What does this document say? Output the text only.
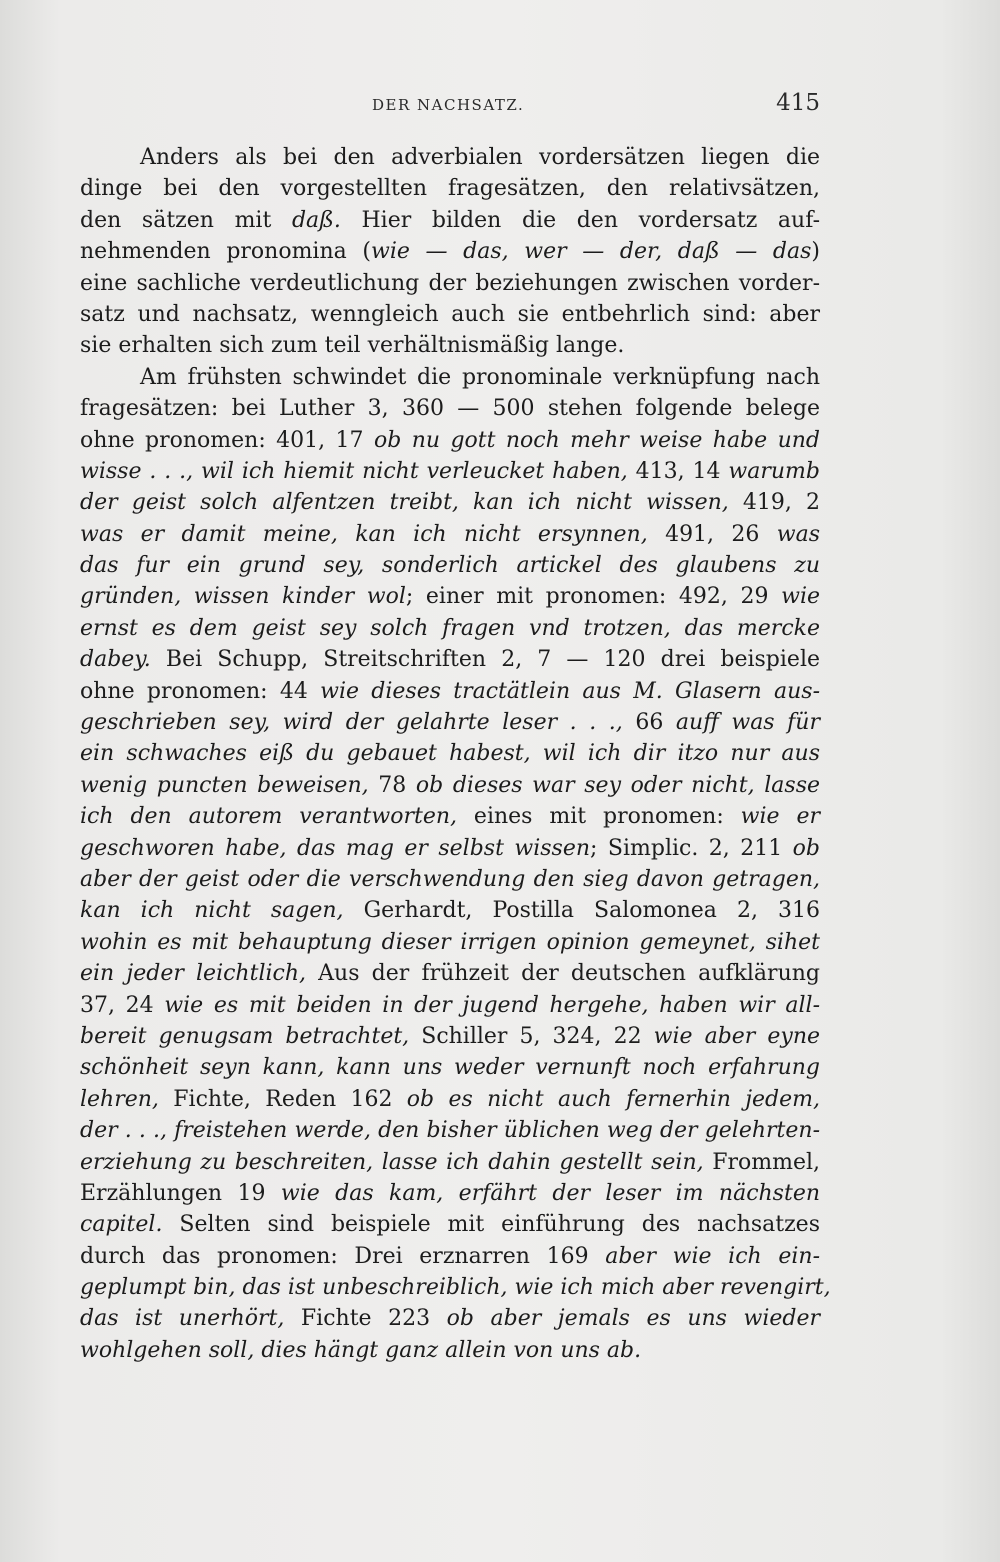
DER NACHSATZ.	415
Anders als bei den adverbialen vordersätzen liegen die
dinge bei den vorgestellten fragesätzen, den relativsätzen,
den sätzen mit daß. Hier bilden die den vordersatz auf-
nehmenden pronomina (wie — das, wer — der, daß — das)
eine sachliche verdeutlichung der beziehungen zwischen vorder-
satz und nachsatz, wenngleich auch sie entbehrlich sind: aber
sie erhalten sich zum teil verhältnismäßig lange.
Am frühsten schwindet die pronominale verknüpfung nach
fragesätzen: bei Luther 3, 360 — 500 stehen folgende belege
ohne pronomen: 401, 17 ob nu gott noch mehr weise habe und
wisse . . ., wil ich hiemit nicht verleucket haben, 413, 14 warumb
der geist solch alfentzen treibt, kan ich nicht wissen, 419, 2
was er damit meine, kan ich nicht ersynnen, 491, 26 was
das fur ein grund sey, sonderlich artickel des glaubens zu
gründen, wissen kinder wol; einer mit pronomen: 492, 29 wie
ernst es dem geist sey solch fragen vnd trotzen, das mercke
dabey. Bei Schupp, Streitschriften 2, 7 — 120 drei beispiele
ohne pronomen: 44 wie dieses tractätlein aus M. Glasern aus-
geschrieben sey, wird der gelahrte leser . . ., 66 auff was für
ein schwaches eiß du gebauet habest, wil ich dir itzo nur aus
wenig puncten beweisen, 78 ob dieses war sey oder nicht, lasse
ich den autorem verantworten, eines mit pronomen: wie er
geschworen habe, das mag er selbst wissen; Simplic. 2, 211 ob
aber der geist oder die verschwendung den sieg davon getragen,
kan ich nicht sagen, Gerhardt, Postilla Salomonea 2, 316
wohin es mit behauptung dieser irrigen opinion gemeynet, sihet
ein jeder leichtlich, Aus der frühzeit der deutschen aufklärung
37, 24 wie es mit beiden in der jugend hergehe, haben wir all-
bereit genugsam betrachtet, Schiller 5, 324, 22 wie aber eyne
schönheit seyn kann, kann uns weder vernunft noch erfahrung
lehren, Fichte, Reden 162 ob es nicht auch fernerhin jedem,
der . . ., freistehen werde, den bisher üblichen weg der gelehrten-
erziehung zu beschreiten, lasse ich dahin gestellt sein, Frommel,
Erzählungen 19 wie das kam, erfährt der leser im nächsten
capitel. Selten sind beispiele mit einführung des nachsatzes
durch das pronomen: Drei erznarren 169 aber wie ich ein-
geplumpt bin, das ist unbeschreiblich, wie ich mich aber revengirt,
das ist unerhört, Fichte 223 ob aber jemals es uns wieder
wohlgehen soll, dies hängt ganz allein von uns ab.
